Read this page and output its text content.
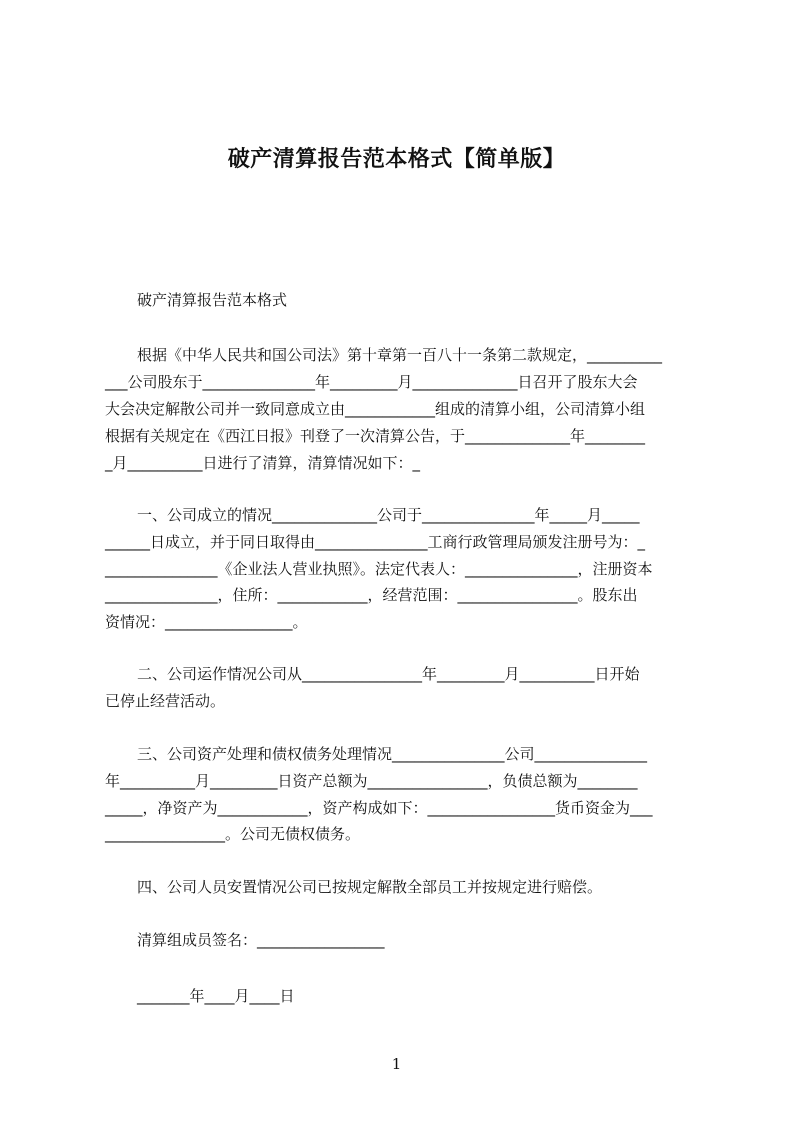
破产清算报告范本格式【简单版】
破产清算报告范本格式
根据《中华人民共和国公司法》第十章第一百八十一条第二款规定，__________
___公司股东于_______________年_________月______________日召开了股东大会
大会决定解散公司并一致同意成立由____________组成的清算小组，公司清算小组
根据有关规定在《西江日报》刊登了一次清算公告，于______________年________
_月__________日进行了清算，清算情况如下：_
一、公司成立的情况______________公司于_______________年_____月_____
______日成立，并于同日取得由_______________工商行政管理局颁发注册号为：_
_______________《企业法人营业执照》。法定代表人：_______________，注册资本
_______________，住所：____________，经营范围：________________。股东出
资情况：_________________。
二、公司运作情况公司从________________年_________月__________日开始
已停止经营活动。
三、公司资产处理和债权债务处理情况_______________公司_______________
年__________月_________日资产总额为________________，负债总额为________
_____，净资产为____________，资产构成如下：_________________货币资金为___
________________。公司无债权债务。
四、公司人员安置情况公司已按规定解散全部员工并按规定进行赔偿。
清算组成员签名：_________________
_______年____月____日
1
